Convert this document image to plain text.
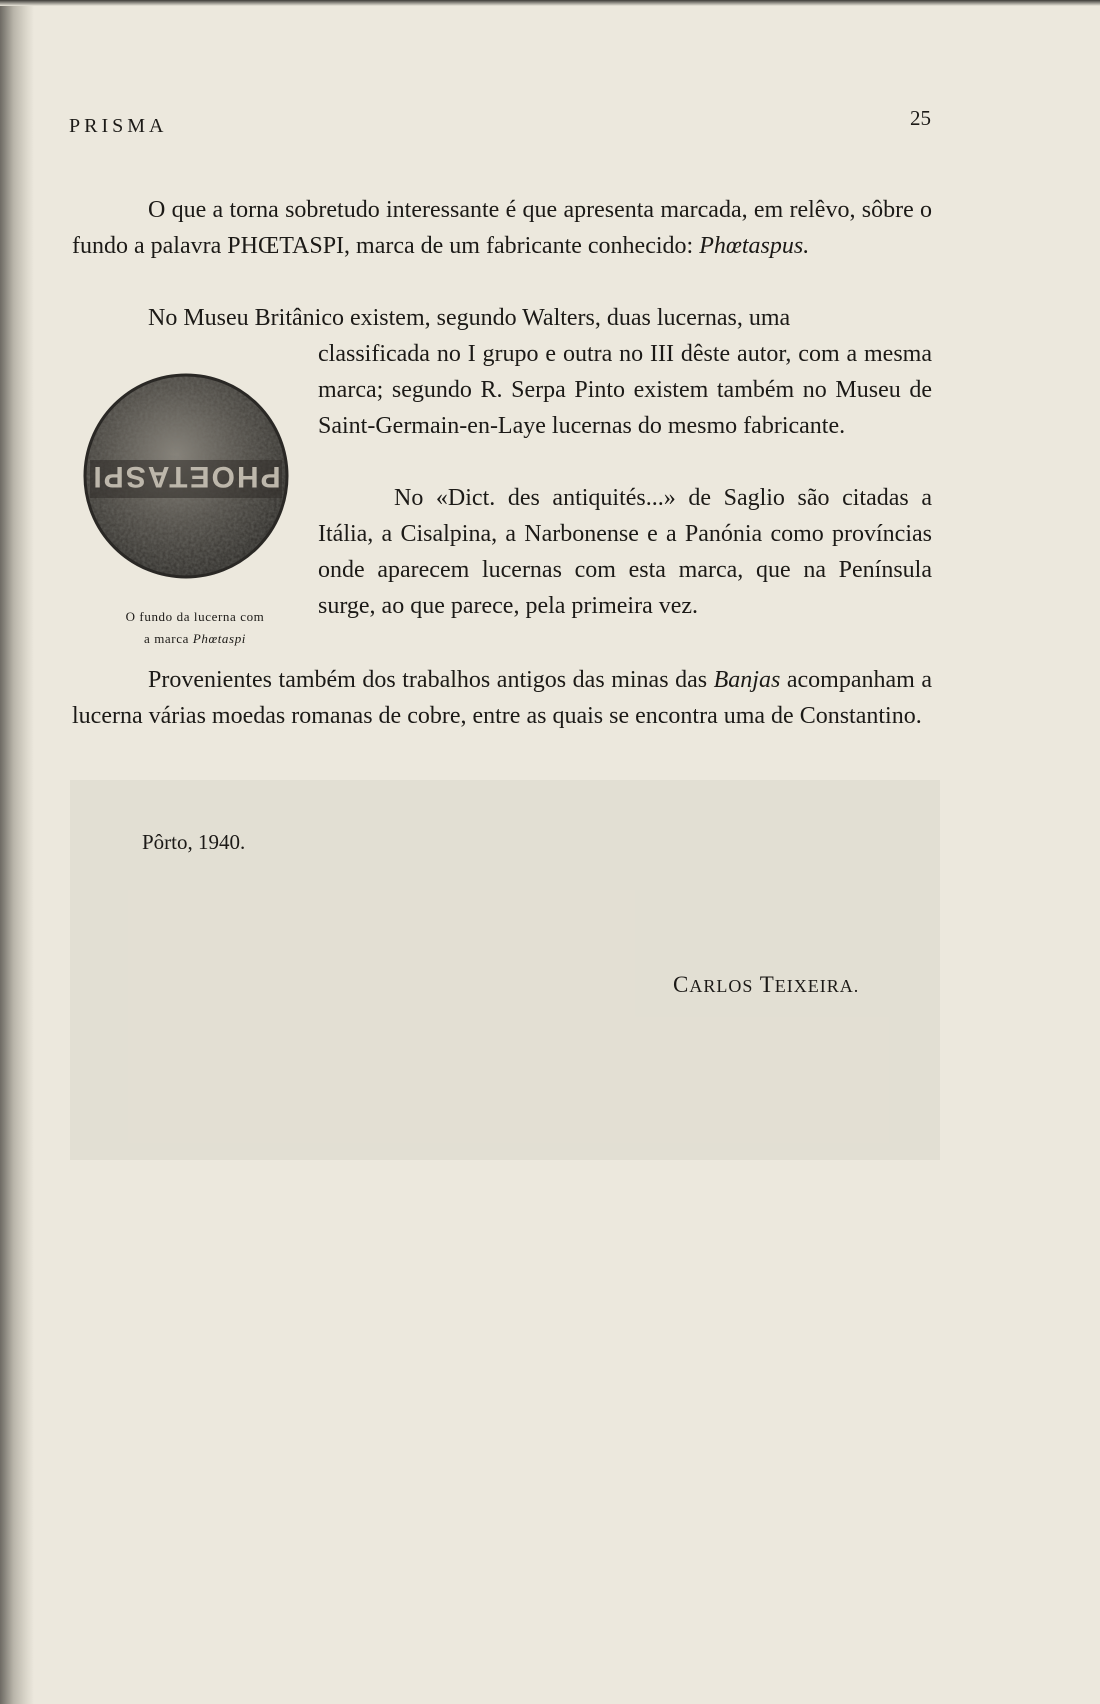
PRISMA	25

O que a torna sobretudo interessante é que apresenta marcada, em relêvo, sôbre o fundo a palavra PHŒTASPI, marca de um fabricante conhecido: Phœtaspus.

No Museu Britânico existem, segundo Walters, duas lucernas, uma

classificada no I grupo e outra no III dêste autor, com a mesma marca; segundo R. Serpa Pinto existem também no Museu de Saint-Germain-en-Laye lucernas do mesmo fabricante.

PHOETASPI
O fundo da lucerna com
a marca Phœtaspi

No «Dict. des antiquités...» de Saglio são citadas a Itália, a Cisalpina, a Narbonense e a Panónia como províncias onde aparecem lucernas com esta marca, que na Península surge, ao que parece, pela primeira vez.

Provenientes também dos trabalhos antigos das minas das Banjas acompanham a lucerna várias moedas romanas de cobre, entre as quais se encontra uma de Constantino.

Pôrto, 1940.
CARLOS TEIXEIRA.
